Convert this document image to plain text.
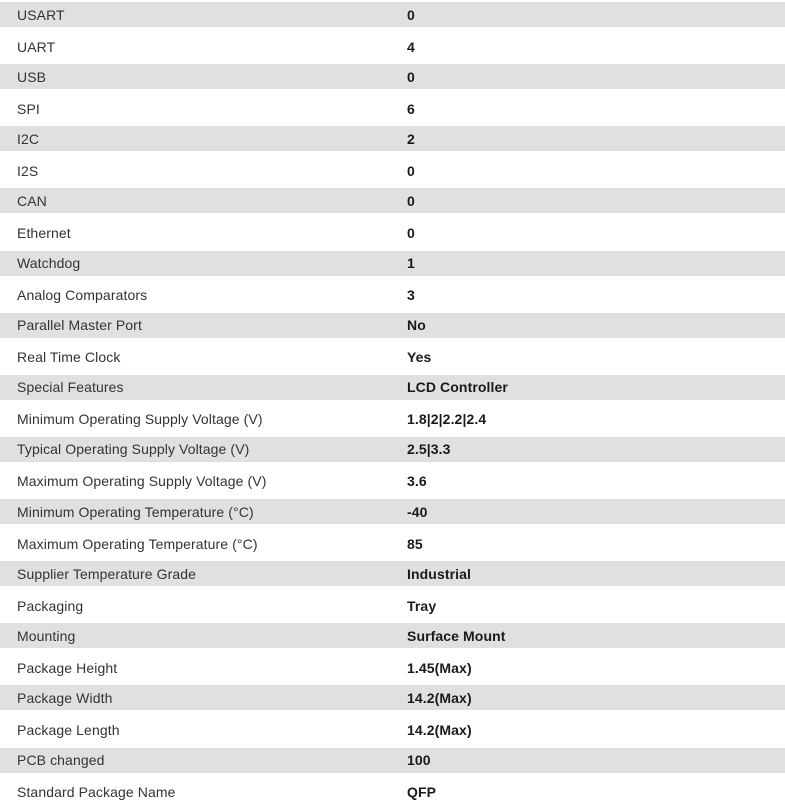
USART	0
UART	4
USB	0
SPI	6
I2C	2
I2S	0
CAN	0
Ethernet	0
Watchdog	1
Analog Comparators	3
Parallel Master Port	No
Real Time Clock	Yes
Special Features	LCD Controller
Minimum Operating Supply Voltage (V)	1.8|2|2.2|2.4
Typical Operating Supply Voltage (V)	2.5|3.3
Maximum Operating Supply Voltage (V)	3.6
Minimum Operating Temperature (°C)	-40
Maximum Operating Temperature (°C)	85
Supplier Temperature Grade	Industrial
Packaging	Tray
Mounting	Surface Mount
Package Height	1.45(Max)
Package Width	14.2(Max)
Package Length	14.2(Max)
PCB changed	100
Standard Package Name	QFP
